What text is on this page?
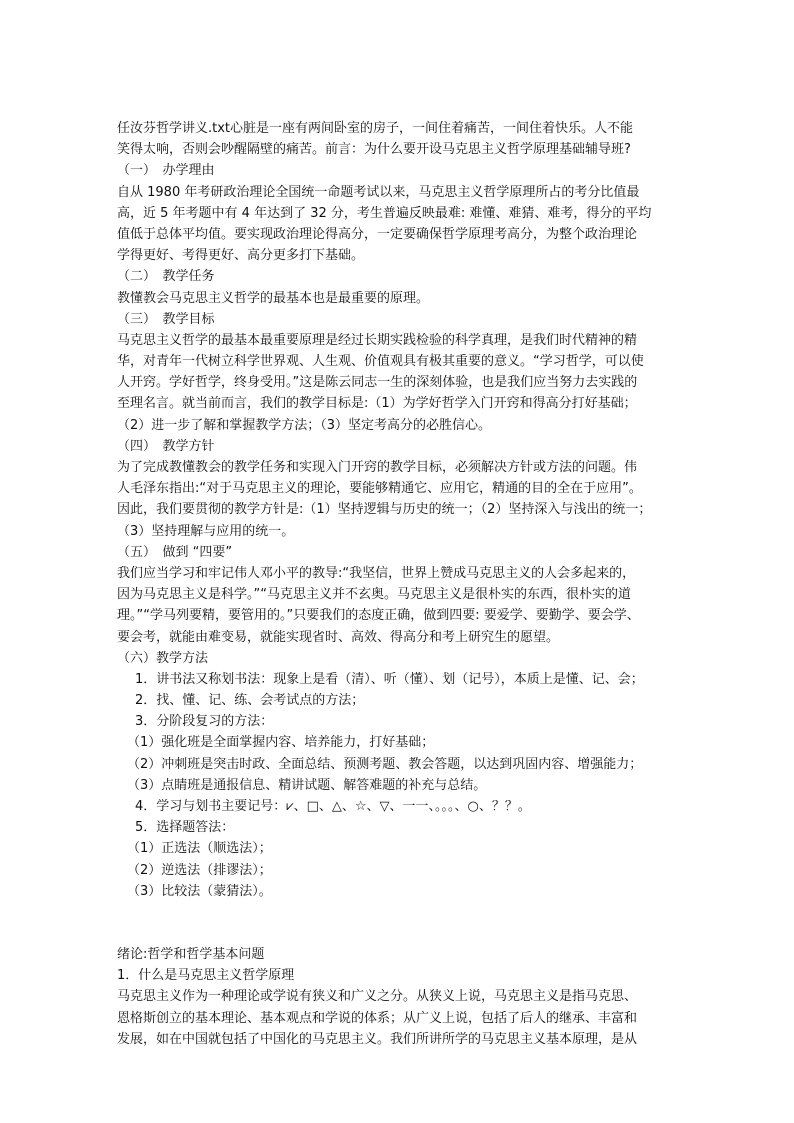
任汝芬哲学讲义.txt心脏是一座有两间卧室的房子，一间住着痛苦，一间住着快乐。人不能
笑得太响，否则会吵醒隔壁的痛苦。前言：为什么要开设马克思主义哲学原理基础辅导班?
（一）　办学理由
自从 1980 年考研政治理论全国统一命题考试以来，马克思主义哲学原理所占的考分比值最
高，近 5 年考题中有 4 年达到了 32 分，考生普遍反映最难: 难懂、难猜、难考，得分的平均
值低于总体平均值。要实现政治理论得高分，一定要确保哲学原理考高分，为整个政治理论
学得更好、考得更好、高分更多打下基础。
（二）　教学任务
教懂教会马克思主义哲学的最基本也是最重要的原理。
（三）　教学目标
马克思主义哲学的最基本最重要原理是经过长期实践检验的科学真理，是我们时代精神的精
华，对青年一代树立科学世界观、人生观、价值观具有极其重要的意义。“学习哲学，可以使
人开窍。学好哲学，终身受用。”这是陈云同志一生的深刻体验，也是我们应当努力去实践的
至理名言。就当前而言，我们的教学目标是:（1）为学好哲学入门开窍和得高分打好基础；
（2）进一步了解和掌握教学方法；（3）坚定考高分的必胜信心。
（四）　教学方针
为了完成教懂教会的教学任务和实现入门开窍的教学目标，必须解决方针或方法的问题。伟
人毛泽东指出:“对于马克思主义的理论，要能够精通它、应用它，精通的目的全在于应用”。
因此，我们要贯彻的教学方针是:（1）坚持逻辑与历史的统一；（2）坚持深入与浅出的统一；
（3）坚持理解与应用的统一。
（五）　做到 “四要”
我们应当学习和牢记伟人邓小平的教导:“我坚信，世界上赞成马克思主义的人会多起来的，
因为马克思主义是科学。”“马克思主义并不玄奥。马克思主义是很朴实的东西，很朴实的道
理。”“学马列要精，要管用的。”只要我们的态度正确，做到四要: 要爱学、要勤学、要会学、
要会考，就能由难变易，就能实现省时、高效、得高分和考上研究生的愿望。
（六）教学方法
1．讲书法又称划书法：现象上是看（清）、听（懂）、划（记号），本质上是懂、记、会；
2．找、懂、记、练、会考试点的方法；
3．分阶段复习的方法：
（1）强化班是全面掌握内容、培养能力，打好基础；
（2）冲刺班是突击时政、全面总结、预测考题、教会答题，以达到巩固内容、增强能力；
（3）点睛班是通报信息、精讲试题、解答难题的补充与总结。
4．学习与划书主要记号：⩗、□、△、☆、▽、一一、。。。、○、？？。
5．选择题答法：
（1）正选法（顺选法）；
（2）逆选法（排谬法）；
（3）比较法（蒙猜法）。
绪论:哲学和哲学基本问题
1．什么是马克思主义哲学原理
马克思主义作为一种理论或学说有狭义和广义之分。从狭义上说，马克思主义是指马克思、
恩格斯创立的基本理论、基本观点和学说的体系；从广义上说，包括了后人的继承、丰富和
发展，如在中国就包括了中国化的马克思主义。我们所讲所学的马克思主义基本原理，是从
